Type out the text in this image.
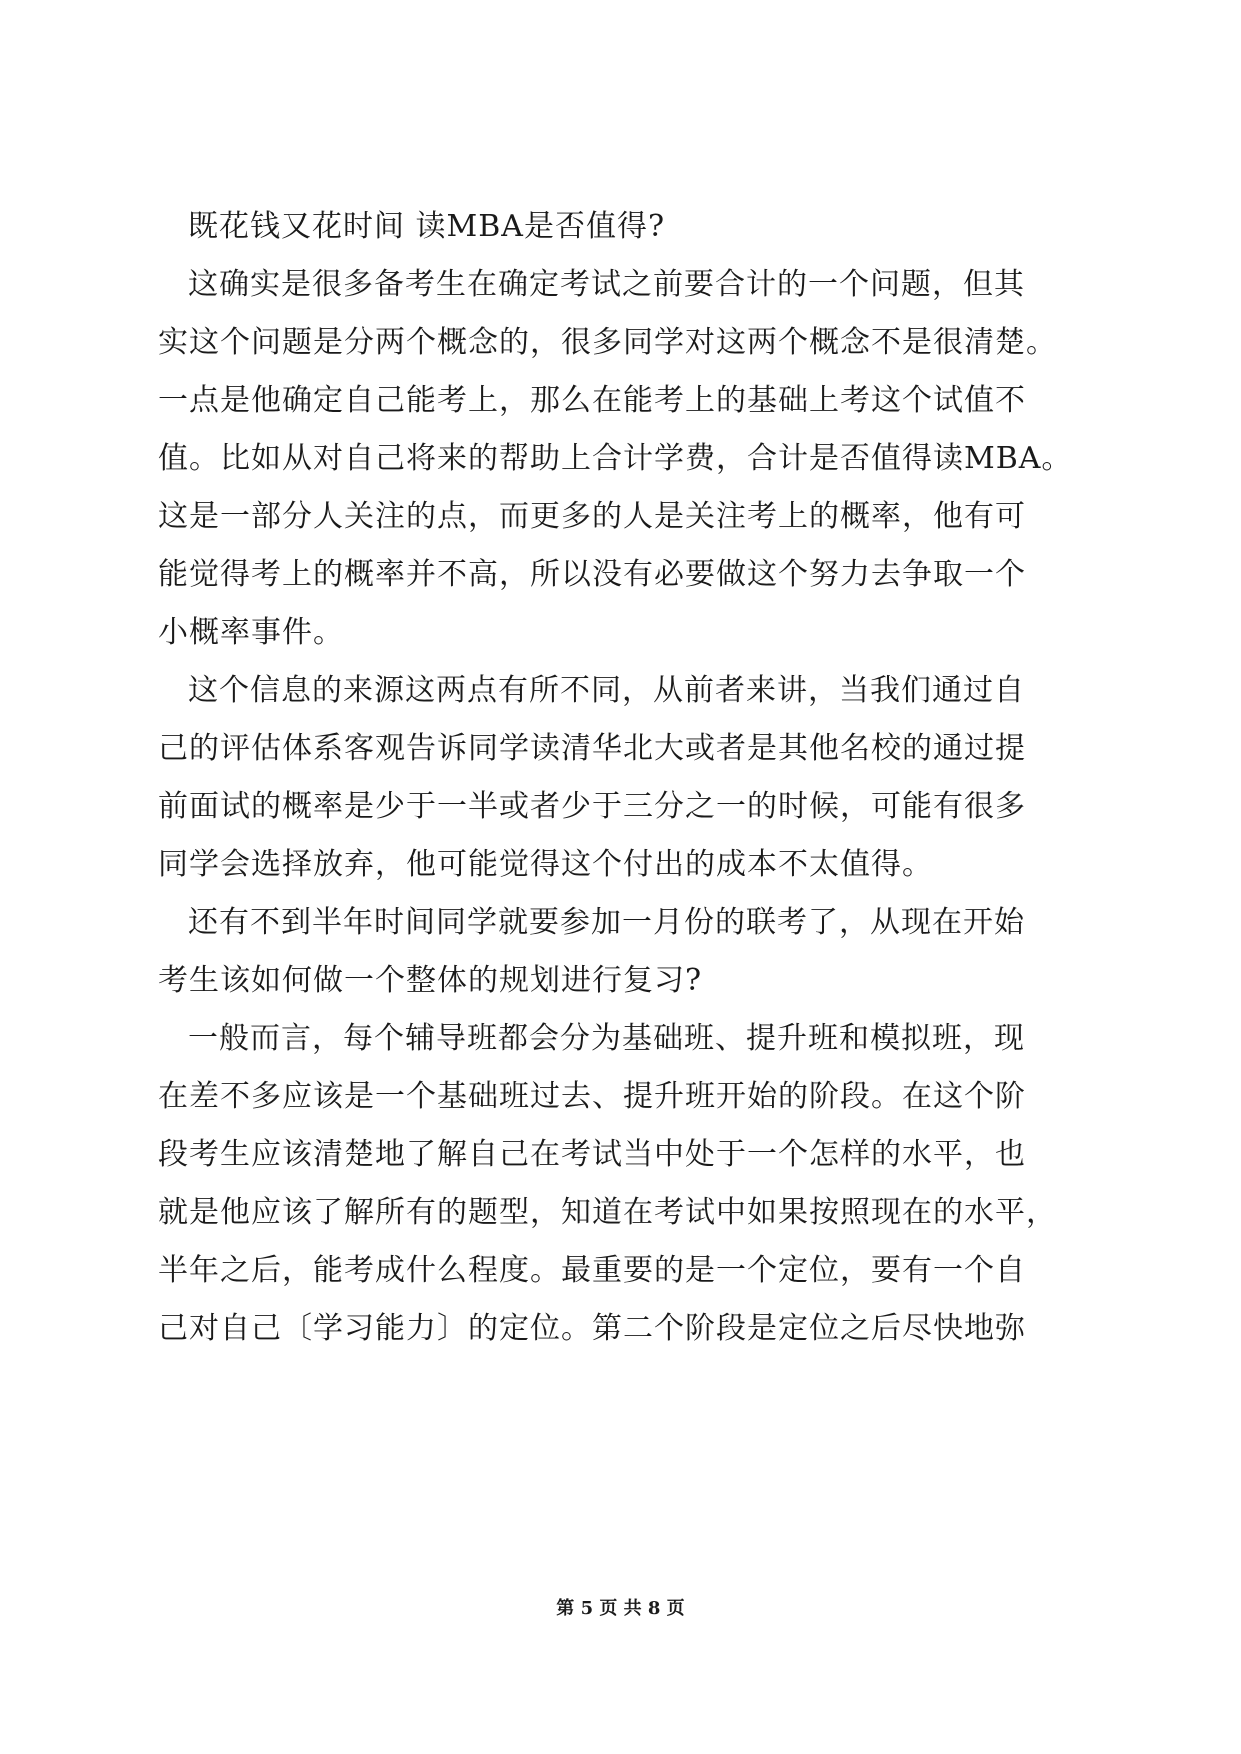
既花钱又花时间 读MBA是否值得?
这确实是很多备考生在确定考试之前要合计的一个问题，但其
实这个问题是分两个概念的，很多同学对这两个概念不是很清楚。
一点是他确定自己能考上，那么在能考上的基础上考这个试值不
值。比如从对自己将来的帮助上合计学费，合计是否值得读MBA。
这是一部分人关注的点，而更多的人是关注考上的概率，他有可
能觉得考上的概率并不高，所以没有必要做这个努力去争取一个
小概率事件。
这个信息的来源这两点有所不同，从前者来讲，当我们通过自
己的评估体系客观告诉同学读清华北大或者是其他名校的通过提
前面试的概率是少于一半或者少于三分之一的时候，可能有很多
同学会选择放弃，他可能觉得这个付出的成本不太值得。
还有不到半年时间同学就要参加一月份的联考了，从现在开始
考生该如何做一个整体的规划进行复习?
一般而言，每个辅导班都会分为基础班、提升班和模拟班，现
在差不多应该是一个基础班过去、提升班开始的阶段。在这个阶
段考生应该清楚地了解自己在考试当中处于一个怎样的水平，也
就是他应该了解所有的题型，知道在考试中如果按照现在的水平，
半年之后，能考成什么程度。最重要的是一个定位，要有一个自
己对自己〔学习能力〕的定位。第二个阶段是定位之后尽快地弥
第 5 页 共 8 页
